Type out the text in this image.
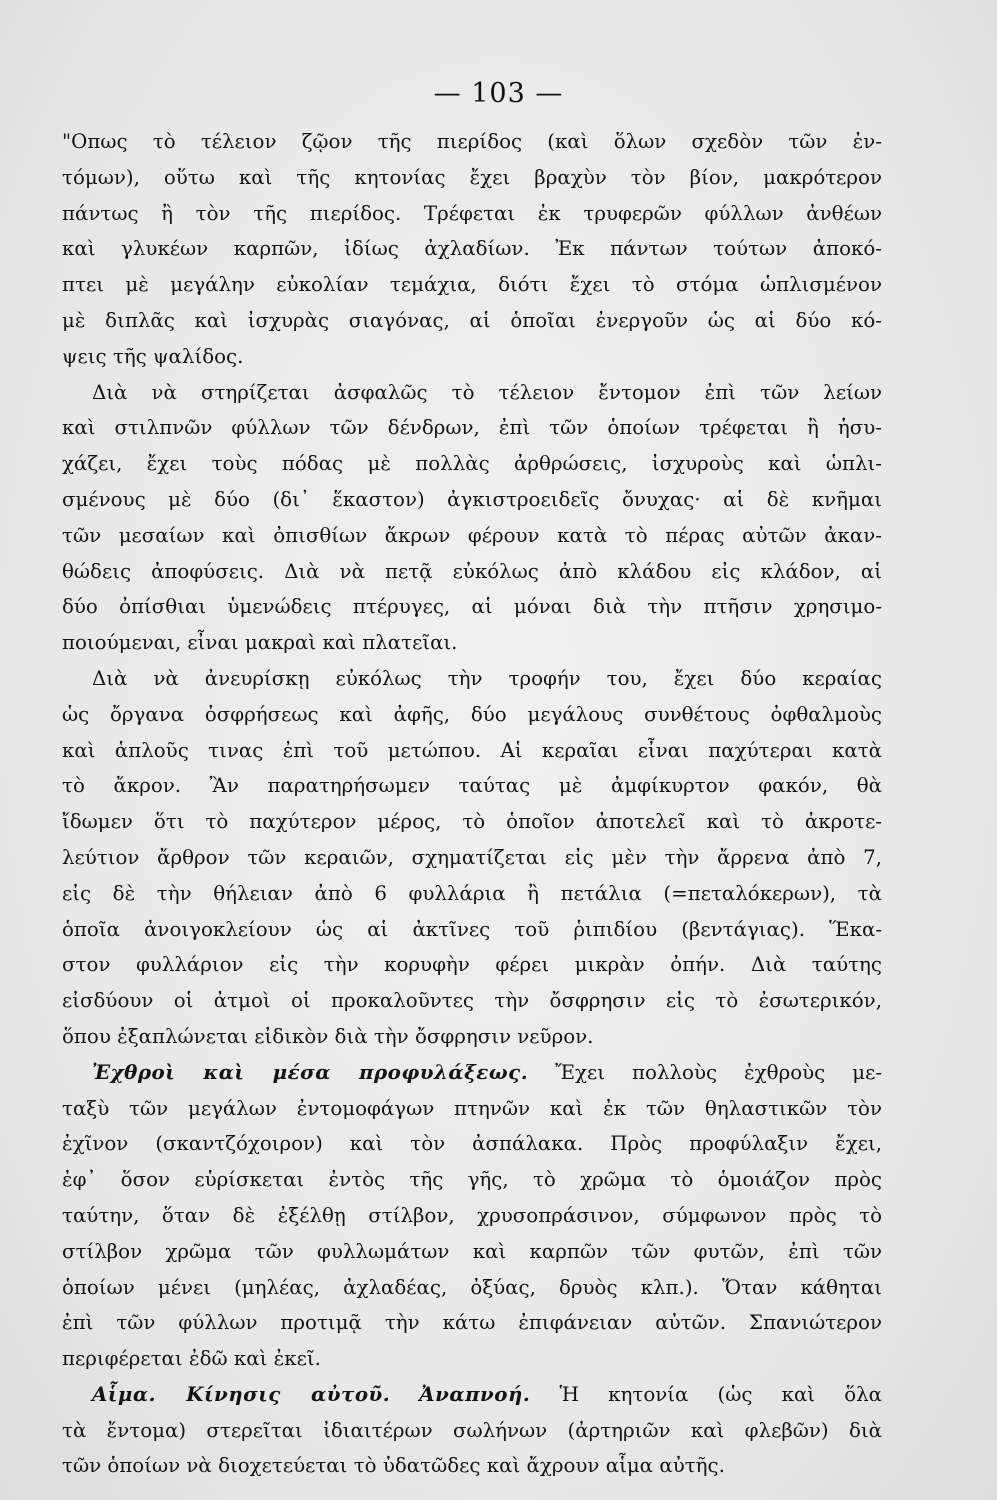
— 103 —
"Οπως τὸ τέλειον ζῷον τῆς πιερίδος (καὶ ὅλων σχεδὸν τῶν ἐν-
τόμων), οὕτω καὶ τῆς κητονίας ἔχει βραχὺν τὸν βίον, μακρότερον
πάντως ἢ τὸν τῆς πιερίδος. Τρέφεται ἐκ τρυφερῶν φύλλων ἀνθέων
καὶ γλυκέων καρπῶν, ἰδίως ἀχλαδίων. Ἐκ πάντων τούτων ἀποκό-
πτει μὲ μεγάλην εὐκολίαν τεμάχια, διότι ἔχει τὸ στόμα ὡπλισμένον
μὲ διπλᾶς καὶ ἰσχυρὰς σιαγόνας, αἱ ὁποῖαι ἐνεργοῦν ὡς αἱ δύο κό-
ψεις τῆς ψαλίδος.
Διὰ νὰ στηρίζεται ἀσφαλῶς τὸ τέλειον ἔντομον ἐπὶ τῶν λείων
καὶ στιλπνῶν φύλλων τῶν δένδρων, ἐπὶ τῶν ὁποίων τρέφεται ἢ ἡσυ-
χάζει, ἔχει τοὺς πόδας μὲ πολλὰς ἀρθρώσεις, ἰσχυροὺς καὶ ὡπλι-
σμένους μὲ δύο (δι᾽ ἕκαστον) ἀγκιστροειδεῖς ὄνυχας· αἱ δὲ κνῆμαι
τῶν μεσαίων καὶ ὀπισθίων ἄκρων φέρουν κατὰ τὸ πέρας αὐτῶν ἀκαν-
θώδεις ἀποφύσεις. Διὰ νὰ πετᾷ εὐκόλως ἀπὸ κλάδου εἰς κλάδον, αἱ
δύο ὀπίσθιαι ὑμενώδεις πτέρυγες, αἱ μόναι διὰ τὴν πτῆσιν χρησιμο-
ποιούμεναι, εἶναι μακραὶ καὶ πλατεῖαι.
Διὰ νὰ ἀνευρίσκῃ εὐκόλως τὴν τροφήν του, ἔχει δύο κεραίας
ὡς ὄργανα ὀσφρήσεως καὶ ἀφῆς, δύο μεγάλους συνθέτους ὀφθαλμοὺς
καὶ ἁπλοῦς τινας ἐπὶ τοῦ μετώπου. Αἱ κεραῖαι εἶναι παχύτεραι κατὰ
τὸ ἄκρον. Ἂν παρατηρήσωμεν ταύτας μὲ ἀμφίκυρτον φακόν, θὰ
ἴδωμεν ὅτι τὸ παχύτερον μέρος, τὸ ὁποῖον ἀποτελεῖ καὶ τὸ ἀκροτε-
λεύτιον ἄρθρον τῶν κεραιῶν, σχηματίζεται εἰς μὲν τὴν ἄρρενα ἀπὸ 7,
εἰς δὲ τὴν θήλειαν ἀπὸ 6 φυλλάρια ἢ πετάλια (=πεταλόκερων), τὰ
ὁποῖα ἀνοιγοκλείουν ὡς αἱ ἀκτῖνες τοῦ ῥιπιδίου (βεντάγιας). Ἕκα-
στον φυλλάριον εἰς τὴν κορυφὴν φέρει μικρὰν ὀπήν. Διὰ ταύτης
εἰσδύουν οἱ ἀτμοὶ οἱ προκαλοῦντες τὴν ὄσφρησιν εἰς τὸ ἐσωτερικόν,
ὅπου ἐξαπλώνεται εἰδικὸν διὰ τὴν ὄσφρησιν νεῦρον.
Ἐχθροὶ καὶ μέσα προφυλάξεως. Ἔχει πολλοὺς ἐχθροὺς με-
ταξὺ τῶν μεγάλων ἐντομοφάγων πτηνῶν καὶ ἐκ τῶν θηλαστικῶν τὸν
ἐχῖνον (σκαντζόχοιρον) καὶ τὸν ἀσπάλακα. Πρὸς προφύλαξιν ἔχει,
ἐφ᾽ ὅσον εὑρίσκεται ἐντὸς τῆς γῆς, τὸ χρῶμα τὸ ὁμοιάζον πρὸς
ταύτην, ὅταν δὲ ἐξέλθῃ στίλβον, χρυσοπράσινον, σύμφωνον πρὸς τὸ
στίλβον χρῶμα τῶν φυλλωμάτων καὶ καρπῶν τῶν φυτῶν, ἐπὶ τῶν
ὁποίων μένει (μηλέας, ἀχλαδέας, ὀξύας, δρυὸς κλπ.). Ὅταν κάθηται
ἐπὶ τῶν φύλλων προτιμᾷ τὴν κάτω ἐπιφάνειαν αὐτῶν. Σπανιώτερον
περιφέρεται ἐδῶ καὶ ἐκεῖ.
Αἷμα. Κίνησις αὐτοῦ. Ἀναπνοή. Ἡ κητονία (ὡς καὶ ὅλα
τὰ ἔντομα) στερεῖται ἰδιαιτέρων σωλήνων (ἀρτηριῶν καὶ φλεβῶν) διὰ
τῶν ὁποίων νὰ διοχετεύεται τὸ ὑδατῶδες καὶ ἄχρουν αἷμα αὐτῆς.
